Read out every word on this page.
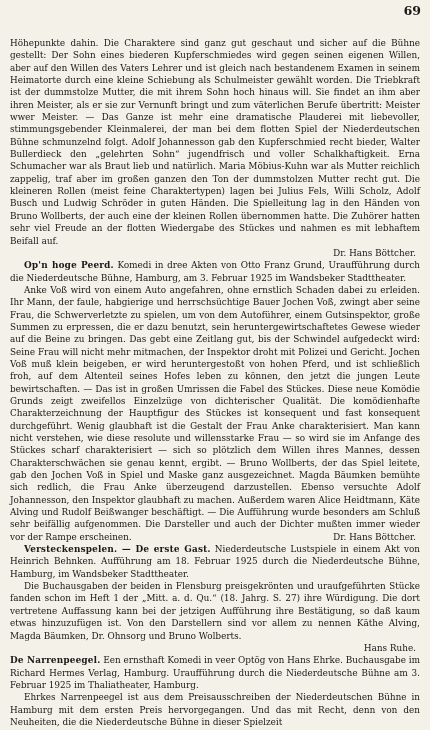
69

Höhepunkte dahin. Die Charaktere sind ganz gut geschaut und sicher auf die Bühne gestellt: Der Sohn eines biederen Kupferschmiedes wird gegen seinen eigenen Willen, aber auf den Willen des Vaters Lehrer und ist gleich nach bestandenem Examen in seinem Heimatorte durch eine kleine Schiebung als Schulmeister gewählt worden. Die Triebkraft ist der dummstolze Mutter, die mit ihrem Sohn hoch hinaus will. Sie findet an ihm aber ihren Meister, als er sie zur Vernunft bringt und zum väterlichen Berufe übertritt: Meister wwer Meister. — Das Ganze ist mehr eine dramatische Plauderei mit liebevoller, stimmungsgebender Kleinmalerei, der man bei dem flotten Spiel der Niederdeutschen Bühne schmunzelnd folgt. Adolf Johannesson gab den Kupferschmied recht bieder, Walter Bullerdieck den „gelehrten Sohn“ jugendfrisch und voller Schalkhaftigkeit. Erna Schumacher war als Braut lieb und natürlich. Maria Möbius-Kuhn war als Mutter reichlich zappelig, traf aber im großen ganzen den Ton der dummstolzen Mutter recht gut. Die kleineren Rollen (meist feine Charaktertypen) lagen bei Julius Fels, Willi Scholz, Adolf Busch und Ludwig Schröder in guten Händen. Die Spielleitung lag in den Händen von Bruno Wollberts, der auch eine der kleinen Rollen übernommen hatte. Die Zuhörer hatten sehr viel Freude an der flotten Wiedergabe des Stückes und nahmen es mit lebhaftem Beifall auf.

Dr. Hans Böttcher.

Op'n hoge Peerd. Komedi in dree Akten von Otto Franz Grund, Uraufführung durch die Niederdeutsche Bühne, Hamburg, am 3. Februar 1925 im Wandsbeker Stadttheater.

Anke Voß wird von einem Auto angefahren, ohne ernstlich Schaden dabei zu erleiden. Ihr Mann, der faule, habgierige und herrschsüchtige Bauer Jochen Voß, zwingt aber seine Frau, die Schwerverletzte zu spielen, um von dem Autoführer, einem Gutsinspektor, große Summen zu erpressen, die er dazu benutzt, sein heruntergewirtschaftetes Gewese wieder auf die Beine zu bringen. Das gebt eine Zeitlang gut, bis der Schwindel aufgedeckt wird: Seine Frau will nicht mehr mitmachen, der Inspektor droht mit Polizei und Gericht. Jochen Voß muß klein beigeben, er wird heruntergestoßt von hohen Pferd, und ist schließlich froh, auf dem Altenteil seines Hofes leben zu können, den jetzt die jungen Leute bewirtschaften. — Das ist in großen Umrissen die Fabel des Stückes. Diese neue Komödie Grunds zeigt zweifellos Einzelzüge von dichterischer Qualität. Die komödienhafte Charakterzeichnung der Hauptfigur des Stückes ist konsequent und fast konsequent durchgeführt. Wenig glaubhaft ist die Gestalt der Frau Anke charakterisiert. Man kann nicht verstehen, wie diese resolute und willensstarke Frau — so wird sie im Anfange des Stückes scharf charakterisiert — sich so plötzlich dem Willen ihres Mannes, dessen Charakterschwächen sie genau kennt, ergibt. — Bruno Wollberts, der das Spiel leitete, gab den Jochen Voß in Spiel und Maske ganz ausgezeichnet. Magda Bäumken bemühte sich redlich, die Frau Anke überzeugend darzustellen. Ebenso versuchte Adolf Johannesson, den Inspektor glaubhaft zu machen. Außerdem waren Alice Heidtmann, Käte Alving und Rudolf Beißwanger beschäftigt. — Die Aufführung wurde besonders am Schluß sehr beifällig aufgenommen. Die Darsteller und auch der Dichter mußten immer wieder vor der Rampe erscheinen.	Dr. Hans Böttcher.

Versteckenspelen. — De erste Gast. Niederdeutsche Lustspiele in einem Akt von Heinrich Behnken. Aufführung am 18. Februar 1925 durch die Niederdeutsche Bühne, Hamburg, im Wandsbeker Stadttheater.

Die Buchausgaben der beiden in Flensburg preisgekrönten und uraufgeführten Stücke fanden schon im Heft 1 der „Mitt. a. d. Qu.“ (18. Jahrg. S. 27) ihre Würdigung. Die dort vertretene Auffassung kann bei der jetzigen Aufführung ihre Bestätigung, so daß kaum etwas hinzuzufügen ist. Von den Darstellern sind vor allem zu nennen Käthe Alving, Magda Bäumken, Dr. Ohnsorg und Bruno Wolberts.

Hans Ruhe.

De Narrenpeegel. Een ernsthaft Komedi in veer Optög von Hans Ehrke. Buchausgabe im Richard Hermes Verlag, Hamburg. Uraufführung durch die Niederdeutsche Bühne am 3. Februar 1925 im Thaliatheater, Hamburg.

Ehrkes Narrenpeegel ist aus dem Preisausschreiben der Niederdeutschen Bühne in Hamburg mit dem ersten Preis hervorgegangen. Und das mit Recht, denn von den Neuheiten, die die Niederdeutsche Bühne in dieser Spielzeit
